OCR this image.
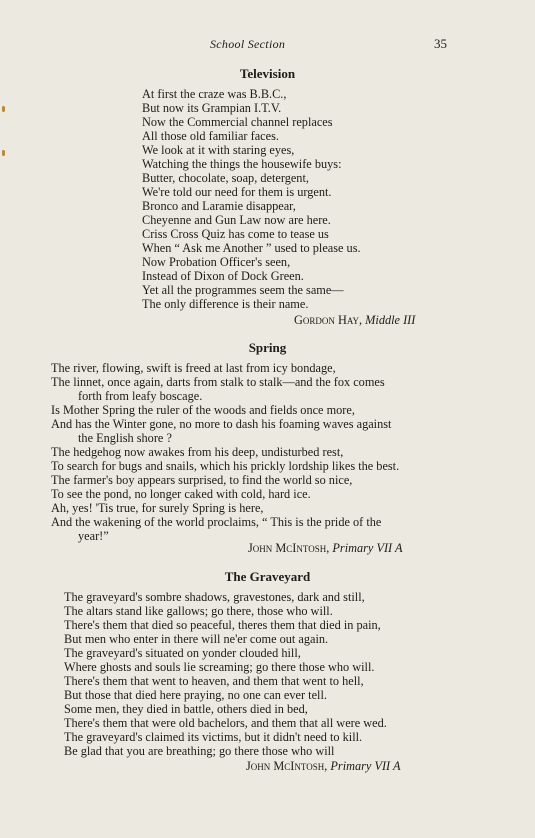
School Section	35
Television
At first the craze was B.B.C.,
But now its Grampian I.T.V.
Now the Commercial channel replaces
All those old familiar faces.
We look at it with staring eyes,
Watching the things the housewife buys:
Butter, chocolate, soap, detergent,
We're told our need for them is urgent.
Bronco and Laramie disappear,
Cheyenne and Gun Law now are here.
Criss Cross Quiz has come to tease us
When “ Ask me Another ” used to please us.
Now Probation Officer's seen,
Instead of Dixon of Dock Green.
Yet all the programmes seem the same—
The only difference is their name.
Gordon Hay, Middle III
Spring
The river, flowing, swift is freed at last from icy bondage,
The linnet, once again, darts from stalk to stalk—and the fox comes
forth from leafy boscage.
Is Mother Spring the ruler of the woods and fields once more,
And has the Winter gone, no more to dash his foaming waves against
the English shore ?
The hedgehog now awakes from his deep, undisturbed rest,
To search for bugs and snails, which his prickly lordship likes the best.
The farmer's boy appears surprised, to find the world so nice,
To see the pond, no longer caked with cold, hard ice.
Ah, yes! 'Tis true, for surely Spring is here,
And the wakening of the world proclaims, “ This is the pride of the
year!”
John McIntosh, Primary VII A
The Graveyard
The graveyard's sombre shadows, gravestones, dark and still,
The altars stand like gallows; go there, those who will.
There's them that died so peaceful, theres them that died in pain,
But men who enter in there will ne'er come out again.
The graveyard's situated on yonder clouded hill,
Where ghosts and souls lie screaming; go there those who will.
There's them that went to heaven, and them that went to hell,
But those that died here praying, no one can ever tell.
Some men, they died in battle, others died in bed,
There's them that were old bachelors, and them that all were wed.
The graveyard's claimed its victims, but it didn't need to kill.
Be glad that you are breathing; go there those who will
John McIntosh, Primary VII A
